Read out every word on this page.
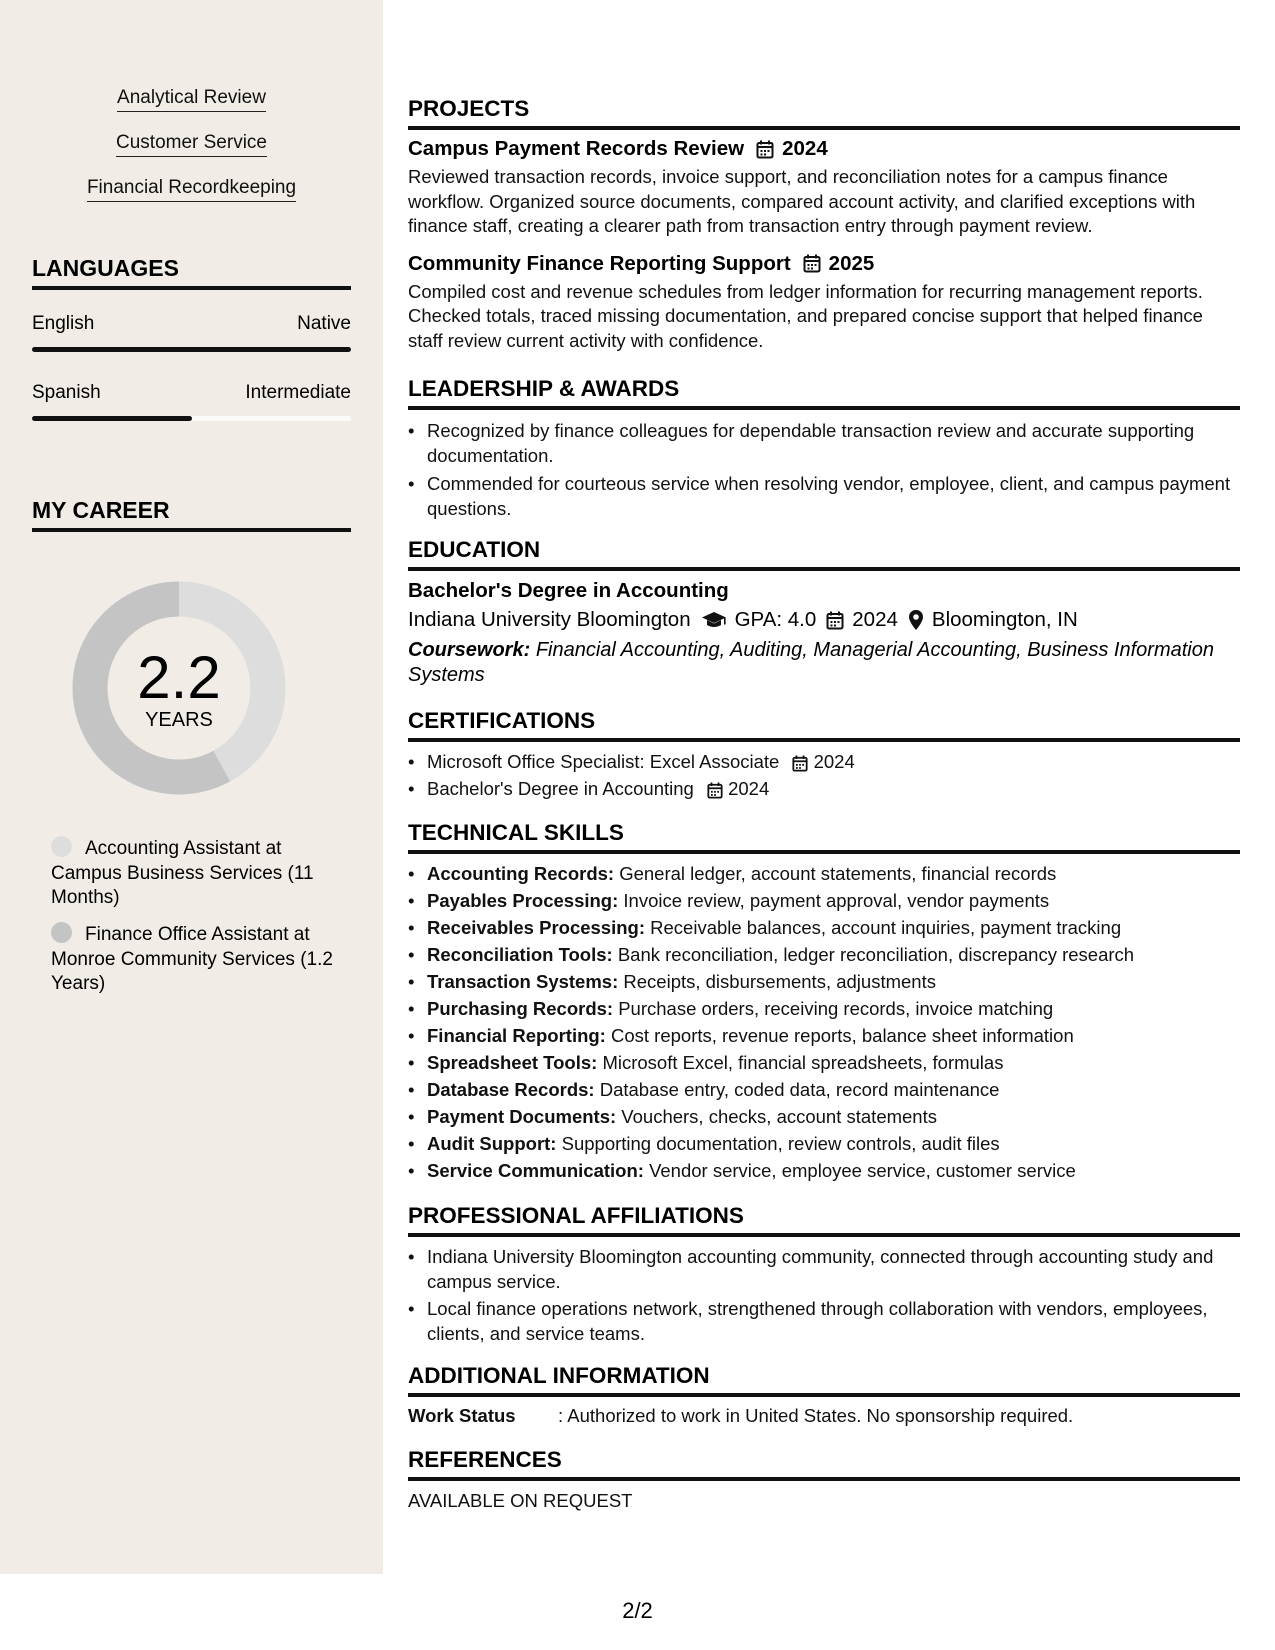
Analytical Review
Customer Service
Financial Recordkeeping
LANGUAGES
English	Native
Spanish	Intermediate
MY CAREER
2.2
YEARS
Accounting Assistant at Campus Business Services (11 Months)
Finance Office Assistant at Monroe Community Services (1.2 Years)
PROJECTS
Campus Payment Records Review 2024
Reviewed transaction records, invoice support, and reconciliation notes for a campus finance workflow. Organized source documents, compared account activity, and clarified exceptions with finance staff, creating a clearer path from transaction entry through payment review.
Community Finance Reporting Support 2025
Compiled cost and revenue schedules from ledger information for recurring management reports. Checked totals, traced missing documentation, and prepared concise support that helped finance staff review current activity with confidence.
LEADERSHIP & AWARDS
• Recognized by finance colleagues for dependable transaction review and accurate supporting documentation.
• Commended for courteous service when resolving vendor, employee, client, and campus payment questions.
EDUCATION
Bachelor's Degree in Accounting
Indiana University Bloomington GPA: 4.0 2024 Bloomington, IN
Coursework: Financial Accounting, Auditing, Managerial Accounting, Business Information Systems
CERTIFICATIONS
• Microsoft Office Specialist: Excel Associate 2024
• Bachelor's Degree in Accounting 2024
TECHNICAL SKILLS
• Accounting Records: General ledger, account statements, financial records
• Payables Processing: Invoice review, payment approval, vendor payments
• Receivables Processing: Receivable balances, account inquiries, payment tracking
• Reconciliation Tools: Bank reconciliation, ledger reconciliation, discrepancy research
• Transaction Systems: Receipts, disbursements, adjustments
• Purchasing Records: Purchase orders, receiving records, invoice matching
• Financial Reporting: Cost reports, revenue reports, balance sheet information
• Spreadsheet Tools: Microsoft Excel, financial spreadsheets, formulas
• Database Records: Database entry, coded data, record maintenance
• Payment Documents: Vouchers, checks, account statements
• Audit Support: Supporting documentation, review controls, audit files
• Service Communication: Vendor service, employee service, customer service
PROFESSIONAL AFFILIATIONS
• Indiana University Bloomington accounting community, connected through accounting study and campus service.
• Local finance operations network, strengthened through collaboration with vendors, employees, clients, and service teams.
ADDITIONAL INFORMATION
Work Status	: Authorized to work in United States. No sponsorship required.
REFERENCES
AVAILABLE ON REQUEST
2/2
